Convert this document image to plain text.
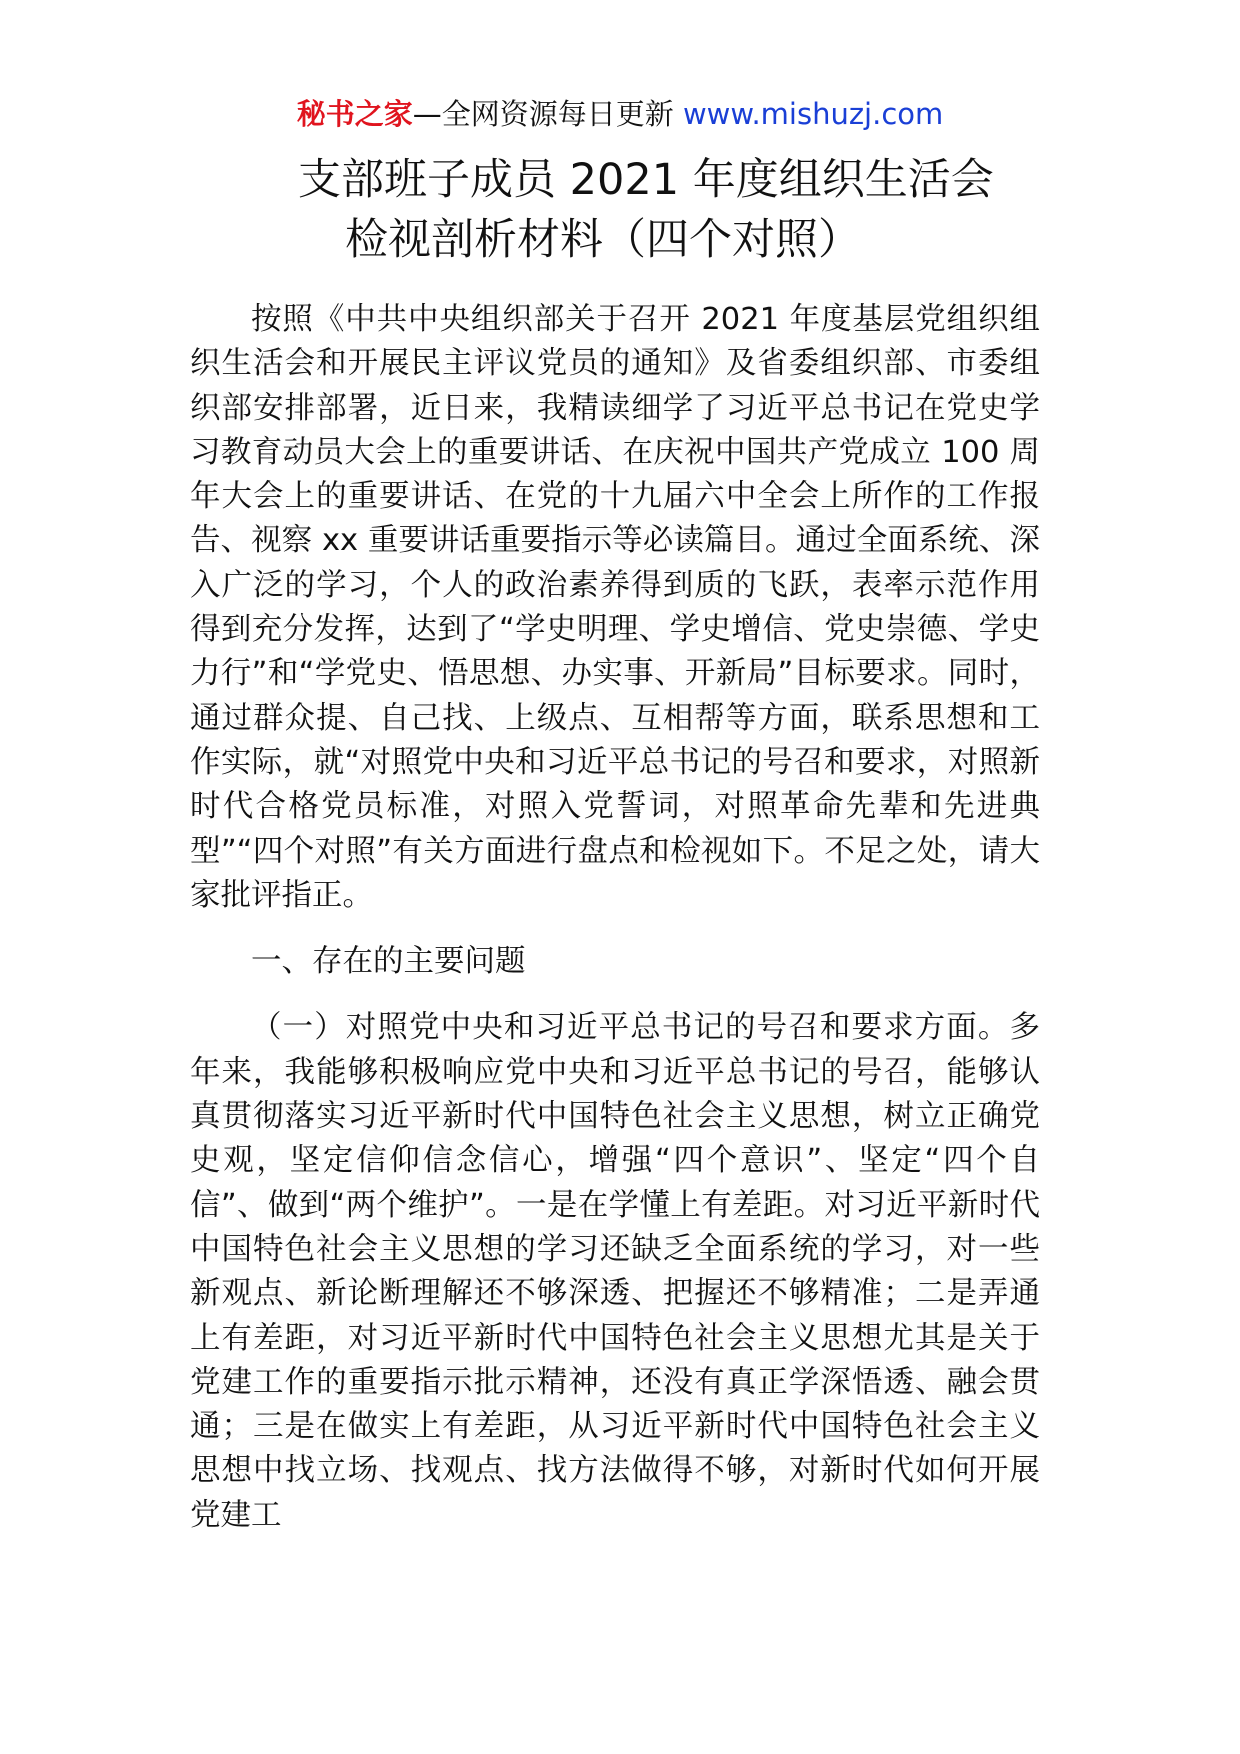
秘书之家—全网资源每日更新 www.mishuzj.com
支部班子成员 2021 年度组织生活会
检视剖析材料（四个对照）

按照《中共中央组织部关于召开 2021 年度基层党组织组织生活会和开展民主评议党员的通知》及省委组织部、市委组织部安排部署，近日来，我精读细学了习近平总书记在党史学习教育动员大会上的重要讲话、在庆祝中国共产党成立 100 周年大会上的重要讲话、在党的十九届六中全会上所作的工作报告、视察 xx 重要讲话重要指示等必读篇目。通过全面系统、深入广泛的学习，个人的政治素养得到质的飞跃，表率示范作用得到充分发挥，达到了“学史明理、学史增信、党史崇德、学史力行”和“学党史、悟思想、办实事、开新局”目标要求。同时，通过群众提、自己找、上级点、互相帮等方面，联系思想和工作实际，就“对照党中央和习近平总书记的号召和要求，对照新时代合格党员标准，对照入党誓词，对照革命先辈和先进典型”“四个对照”有关方面进行盘点和检视如下。不足之处，请大家批评指正。

一、存在的主要问题

（一）对照党中央和习近平总书记的号召和要求方面。多年来，我能够积极响应党中央和习近平总书记的号召，能够认真贯彻落实习近平新时代中国特色社会主义思想，树立正确党史观，坚定信仰信念信心，增强“四个意识”、坚定“四个自信”、做到“两个维护”。一是在学懂上有差距。对习近平新时代中国特色社会主义思想的学习还缺乏全面系统的学习，对一些新观点、新论断理解还不够深透、把握还不够精准；二是弄通上有差距，对习近平新时代中国特色社会主义思想尤其是关于党建工作的重要指示批示精神，还没有真正学深悟透、融会贯通；三是在做实上有差距，从习近平新时代中国特色社会主义思想中找立场、找观点、找方法做得不够，对新时代如何开展党建工
